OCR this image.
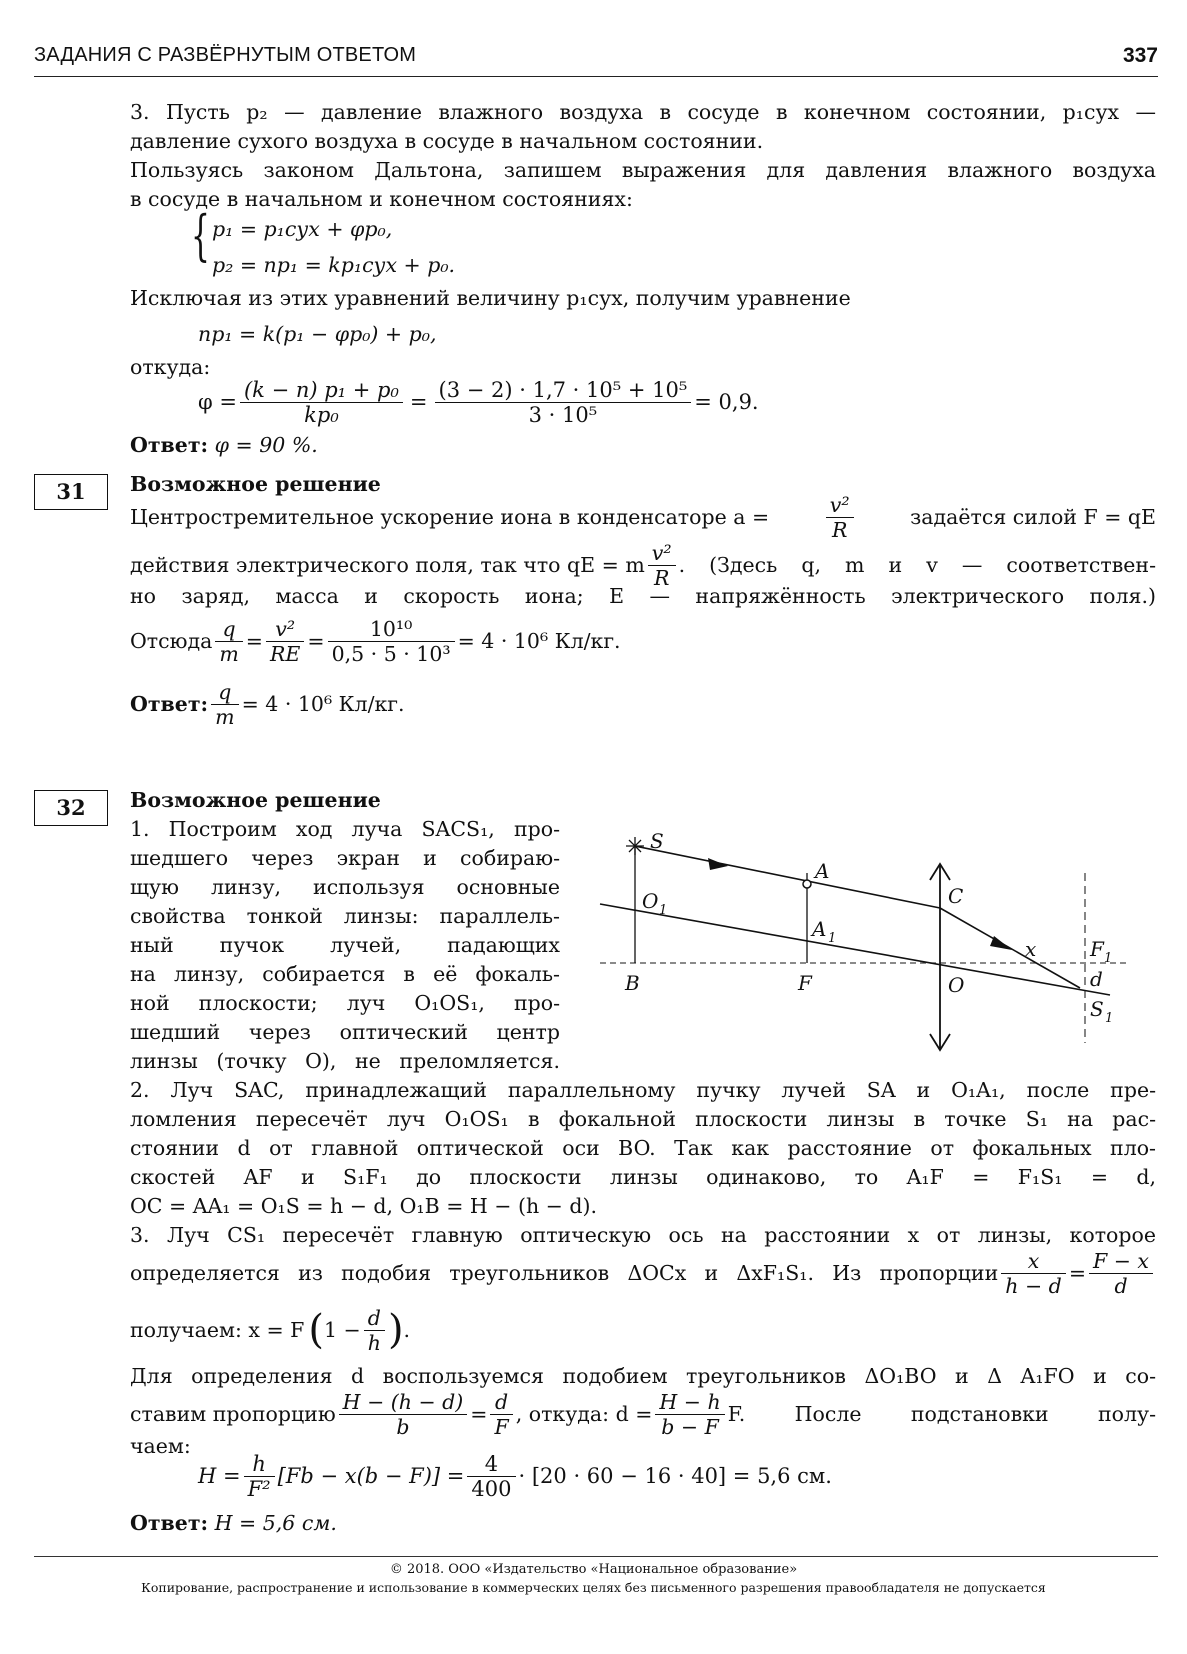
ЗАДАНИЯ С РАЗВЁРНУТЫМ ОТВЕТОМ	337
3. Пусть p₂ — давление влажного воздуха в сосуде в конечном состоянии, p₁сух —
давление сухого воздуха в сосуде в начальном состоянии.
Пользуясь законом Дальтона, запишем выражения для давления влажного воздуха
в сосуде в начальном и конечном состояниях:
{ p₁ = p₁сух + φp₀,
p₂ = np₁ = kp₁сух + p₀.
Исключая из этих уравнений величину p₁сух, получим уравнение
np₁ = k(p₁ − φp₀) + p₀,
откуда:
$\varphi = \frac{\text{(k − n) p₁ + p₀}}{\text{kp₀}} = \frac{\text{(3 − 2) · 1,7 · 10⁵ + 10⁵}}{\text{3 · 10⁵}} = 0,9$.
Ответ: φ = 90 %.
31	Возможное решение
Центростремительное ускорение иона в конденсаторе a =	$\frac{\text{v²}}{R}$	задаётся силой F = qE
действия электрического поля, так что qE = m $\frac{\text{v²}}{R}$ . (Здесь q, m и v — соответствен-
но заряд, масса и скорость иона; E — напряжённость электрического поля.)
Отсюда $\frac{q}{m} = \frac{\text{v²}}{RE} = \frac{\text{10¹⁰}}{\text{0,5 · 5 · 10³}} = 4 \cdot 10^6$ Кл/кг.
Ответ: $\frac{q}{m} = 4 \cdot 10^6$ Кл/кг.
32	Возможное решение
1. Построим ход луча SACS₁, про-
шедшего через экран и собираю-
щую линзу, используя основные
свойства тонкой линзы: параллель-
ный пучок лучей, падающих
на линзу, собирается в её фокаль-
ной плоскости; луч O₁OS₁, про-
шедший через оптический центр
линзы (точку О), не преломляется.
S
A
C
O 1
A 1	x	F 1
B	F	O	d
S 1
2. Луч SAC, принадлежащий параллельному пучку лучей SA и O₁A₁, после пре-
ломления пересечёт луч O₁OS₁ в фокальной плоскости линзы в точке S₁ на рас-
стоянии d от главной оптической оси BO. Так как расстояние от фокальных пло-
скостей AF и S₁F₁ до плоскости линзы одинаково, то A₁F = F₁S₁ = d,
OC = AA₁ = O₁S = h − d, O₁B = H − (h − d).
3. Луч CS₁ пересечёт главную оптическую ось на расстоянии x от линзы, которое
определяется из подобия треугольников ΔOCx и ΔxF₁S₁. Из пропорции $\frac{x}{h - d} = \frac{F - x}{d}$
получаем: x = F ( $1 - \frac{d}{h}$ ) .
Для определения d воспользуемся подобием треугольников ΔO₁BO и Δ A₁FO и со-
ставим пропорцию $\frac{H - (h - d)}{b} = \frac{d}{F}$ , откуда: $d = \frac{H - h}{b - F} F$. После подстановки полу-
чаем:
$H = \frac{h}{\text{F²}} [Fb - x(b - F)] = \frac{4}{400} \cdot [20 \cdot 60 - 16 \cdot 40] = 5,6$ см.
Ответ: H = 5,6 см.
© 2018. ООО «Издательство «Национальное образование»
Копирование, распространение и использование в коммерческих целях без письменного разрешения правообладателя не допускается
